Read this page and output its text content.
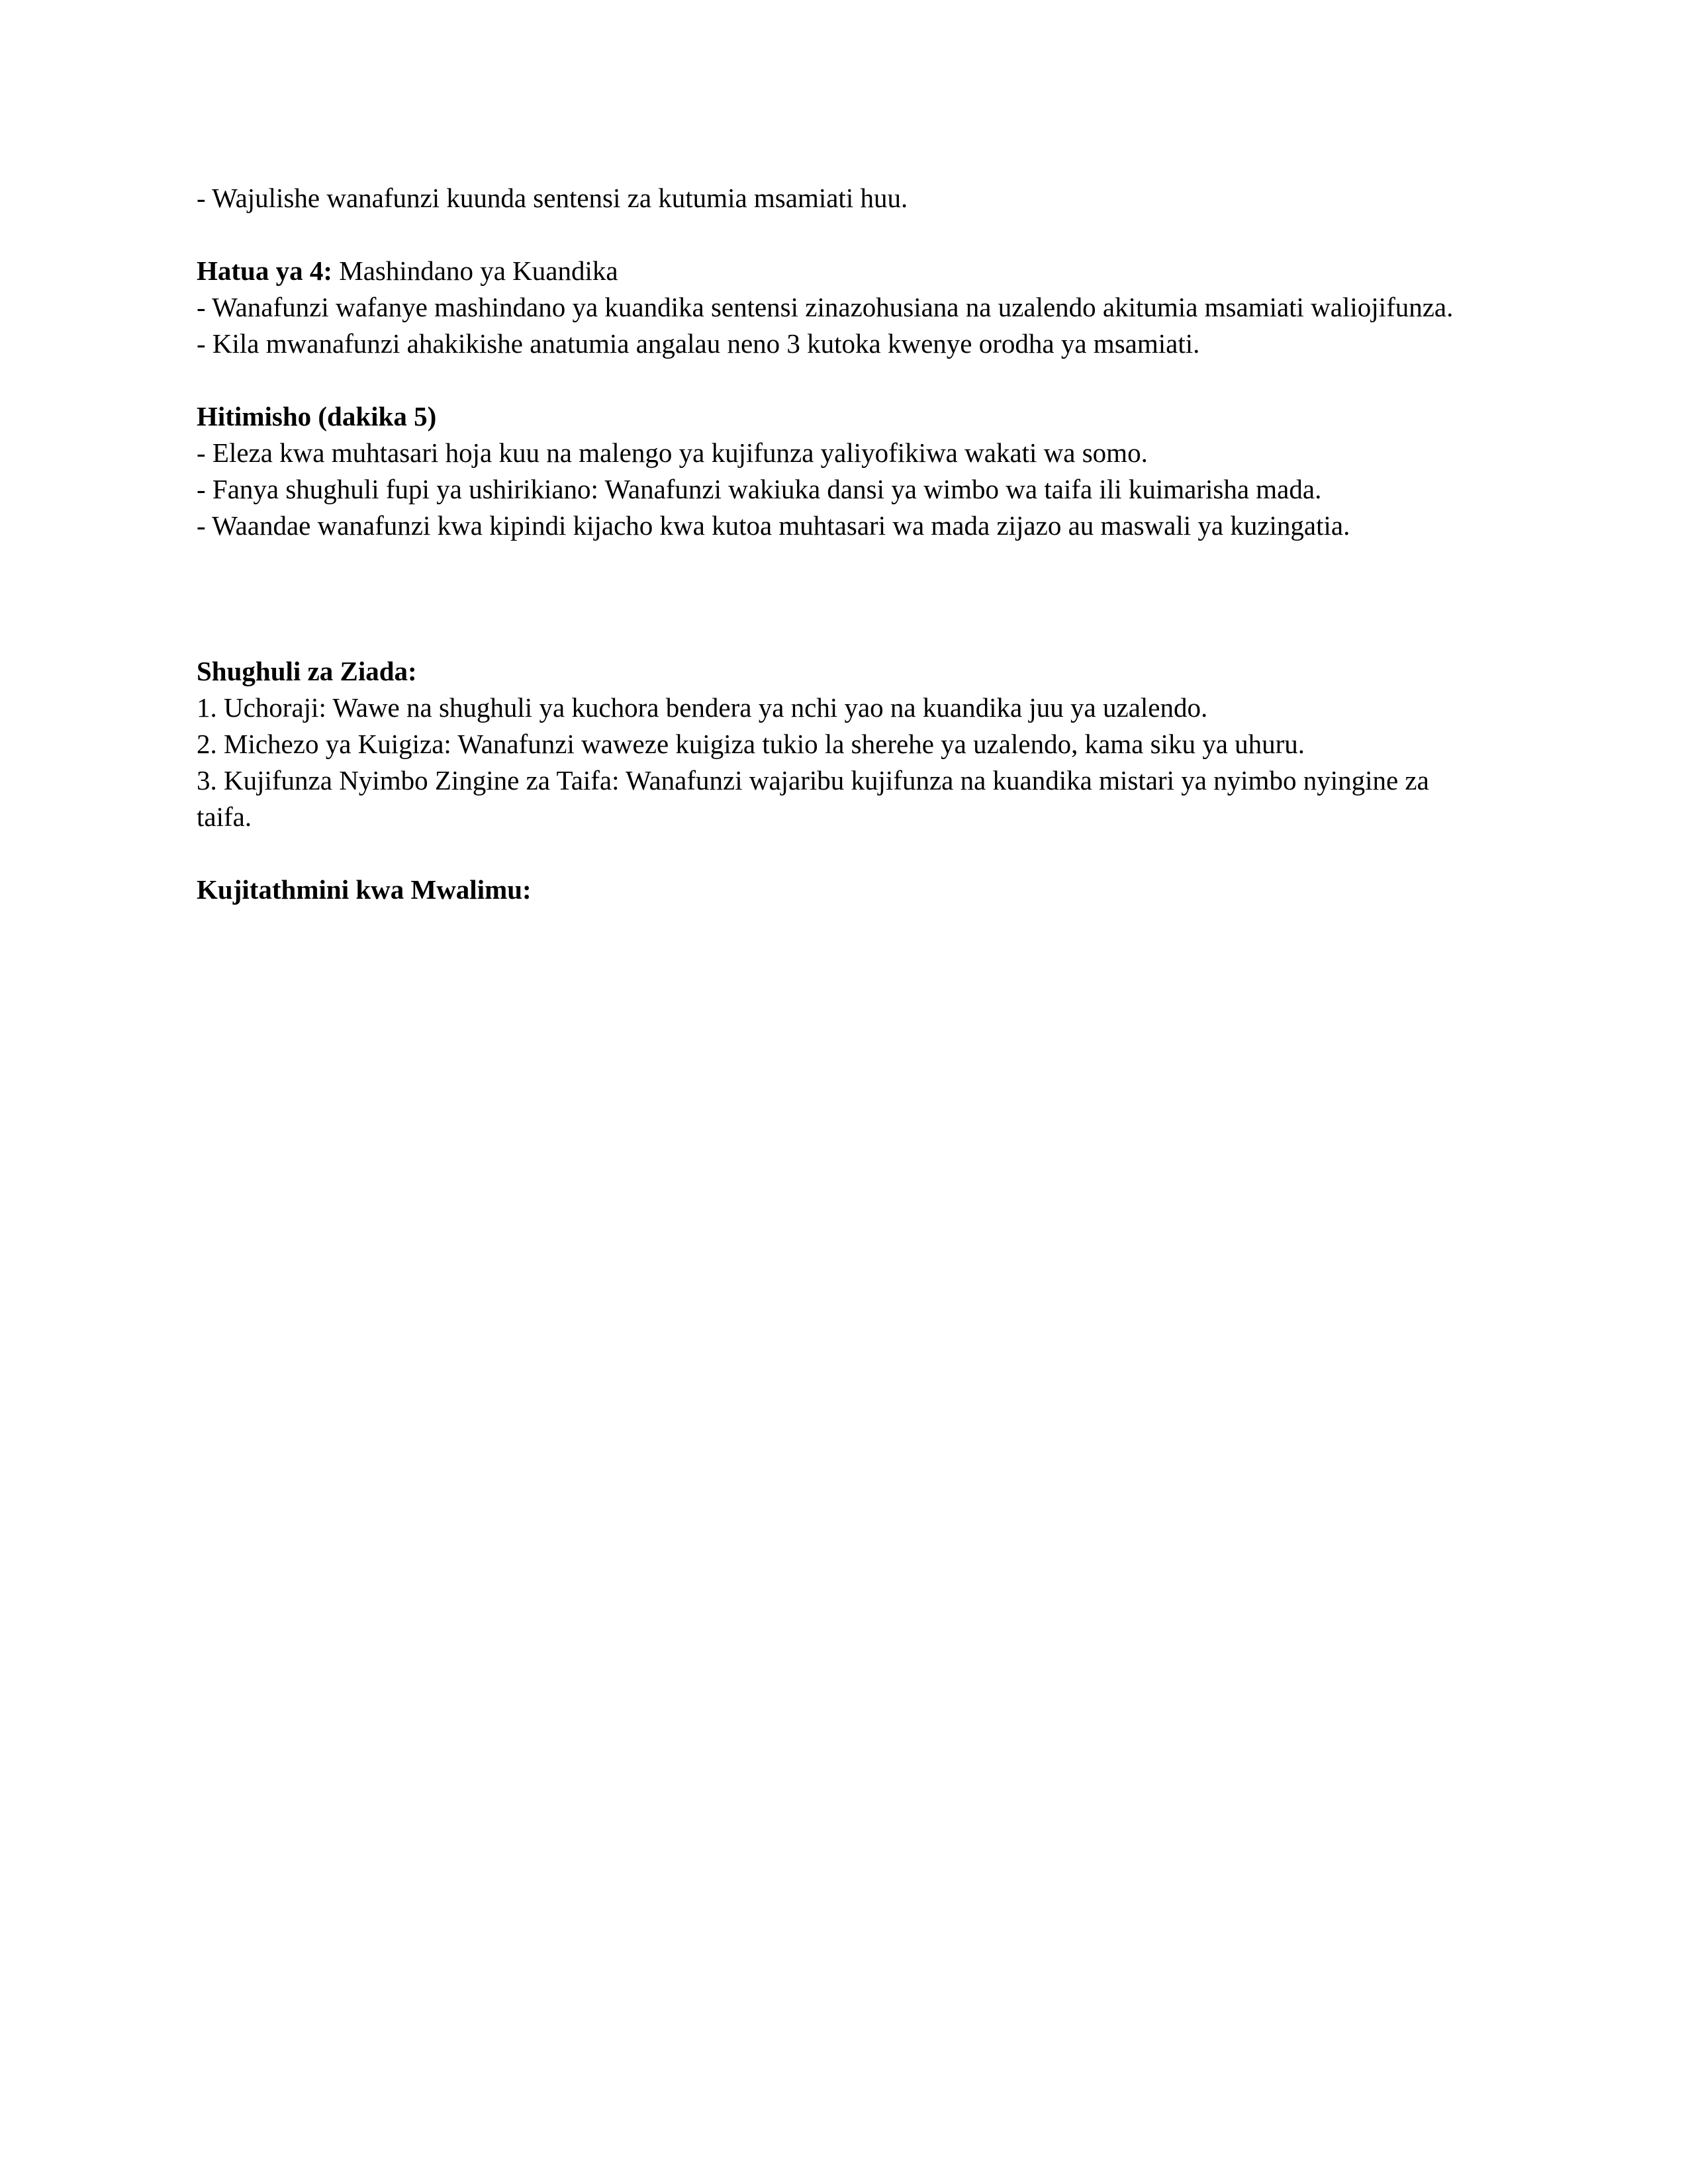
- Wajulishe wanafunzi kuunda sentensi za kutumia msamiati huu.

Hatua ya 4: Mashindano ya Kuandika

- Wanafunzi wafanye mashindano ya kuandika sentensi zinazohusiana na uzalendo akitumia msamiati waliojifunza.

- Kila mwanafunzi ahakikishe anatumia angalau neno 3 kutoka kwenye orodha ya msamiati.

Hitimisho (dakika 5)

- Eleza kwa muhtasari hoja kuu na malengo ya kujifunza yaliyofikiwa wakati wa somo.

- Fanya shughuli fupi ya ushirikiano: Wanafunzi wakiuka dansi ya wimbo wa taifa ili kuimarisha mada.

- Waandae wanafunzi kwa kipindi kijacho kwa kutoa muhtasari wa mada zijazo au maswali ya kuzingatia.

Shughuli za Ziada:

1. Uchoraji: Wawe na shughuli ya kuchora bendera ya nchi yao na kuandika juu ya uzalendo.

2. Michezo ya Kuigiza: Wanafunzi waweze kuigiza tukio la sherehe ya uzalendo, kama siku ya uhuru.

3. Kujifunza Nyimbo Zingine za Taifa: Wanafunzi wajaribu kujifunza na kuandika mistari ya nyimbo nyingine za taifa.

Kujitathmini kwa Mwalimu:
